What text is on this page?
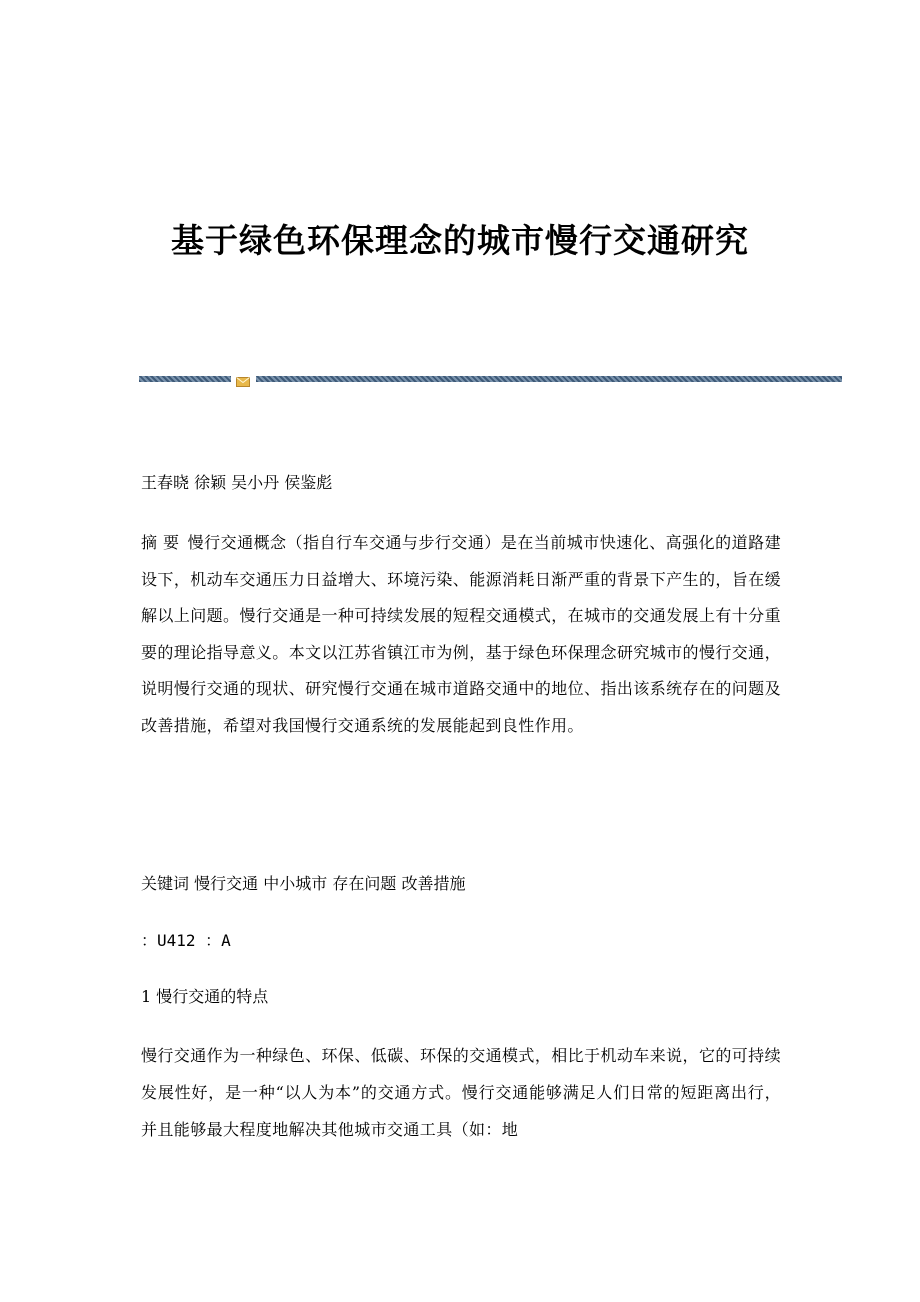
基于绿色环保理念的城市慢行交通研究

王春晓 徐颖 吴小丹 侯鉴彪

摘 要 慢行交通概念（指自行车交通与步行交通）是在当前城市快速化、高强化的道路建设下，机动车交通压力日益增大、环境污染、能源消耗日渐严重的背景下产生的，旨在缓解以上问题。慢行交通是一种可持续发展的短程交通模式，在城市的交通发展上有十分重要的理论指导意义。本文以江苏省镇江市为例，基于绿色环保理念研究城市的慢行交通，说明慢行交通的现状、研究慢行交通在城市道路交通中的地位、指出该系统存在的问题及改善措施，希望对我国慢行交通系统的发展能起到良性作用。

关键词 慢行交通 中小城市 存在问题 改善措施

：U412 ：A

1 慢行交通的特点

慢行交通作为一种绿色、环保、低碳、环保的交通模式，相比于机动车来说，它的可持续发展性好，是一种“以人为本”的交通方式。慢行交通能够满足人们日常的短距离出行，并且能够最大程度地解决其他城市交通工具（如：地
